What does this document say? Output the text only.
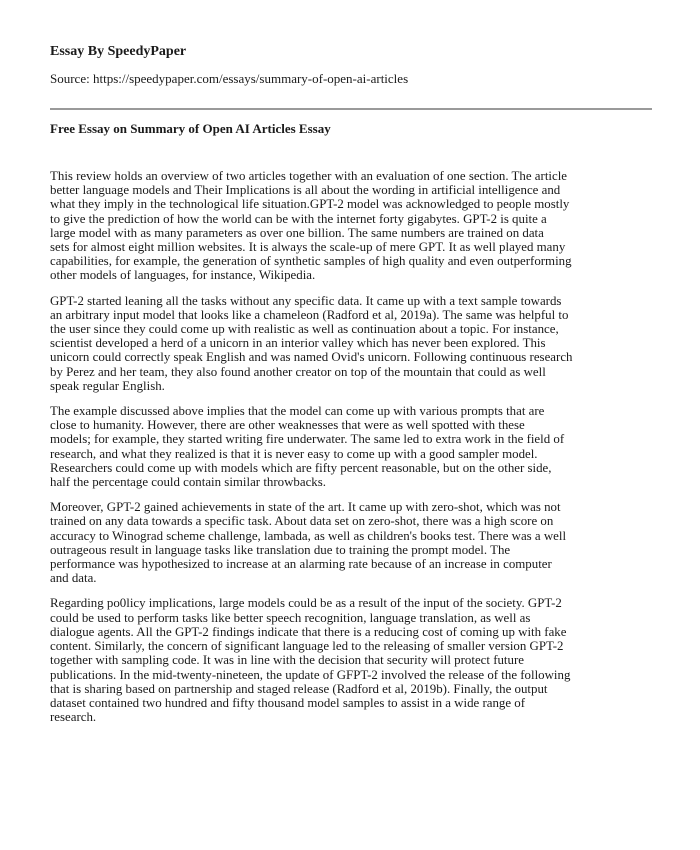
Essay By SpeedyPaper
Source: https://speedypaper.com/essays/summary-of-open-ai-articles
Free Essay on Summary of Open AI Articles Essay

This review holds an overview of two articles together with an evaluation of one section. The article
better language models and Their Implications is all about the wording in artificial intelligence and
what they imply in the technological life situation.GPT-2 model was acknowledged to people mostly
to give the prediction of how the world can be with the internet forty gigabytes. GPT-2 is quite a
large model with as many parameters as over one billion. The same numbers are trained on data
sets for almost eight million websites. It is always the scale-up of mere GPT. It as well played many
capabilities, for example, the generation of synthetic samples of high quality and even outperforming
other models of languages, for instance, Wikipedia.

GPT-2 started leaning all the tasks without any specific data. It came up with a text sample towards
an arbitrary input model that looks like a chameleon (Radford et al, 2019a). The same was helpful to
the user since they could come up with realistic as well as continuation about a topic. For instance,
scientist developed a herd of a unicorn in an interior valley which has never been explored. This
unicorn could correctly speak English and was named Ovid's unicorn. Following continuous research
by Perez and her team, they also found another creator on top of the mountain that could as well
speak regular English.

The example discussed above implies that the model can come up with various prompts that are
close to humanity. However, there are other weaknesses that were as well spotted with these
models; for example, they started writing fire underwater. The same led to extra work in the field of
research, and what they realized is that it is never easy to come up with a good sampler model.
Researchers could come up with models which are fifty percent reasonable, but on the other side,
half the percentage could contain similar throwbacks.

Moreover, GPT-2 gained achievements in state of the art. It came up with zero-shot, which was not
trained on any data towards a specific task. About data set on zero-shot, there was a high score on
accuracy to Winograd scheme challenge, lambada, as well as children's books test. There was a well
outrageous result in language tasks like translation due to training the prompt model. The
performance was hypothesized to increase at an alarming rate because of an increase in computer
and data.

Regarding po0licy implications, large models could be as a result of the input of the society. GPT-2
could be used to perform tasks like better speech recognition, language translation, as well as
dialogue agents. All the GPT-2 findings indicate that there is a reducing cost of coming up with fake
content. Similarly, the concern of significant language led to the releasing of smaller version GPT-2
together with sampling code. It was in line with the decision that security will protect future
publications. In the mid-twenty-nineteen, the update of GFPT-2 involved the release of the following
that is sharing based on partnership and staged release (Radford et al, 2019b). Finally, the output
dataset contained two hundred and fifty thousand model samples to assist in a wide range of
research.
